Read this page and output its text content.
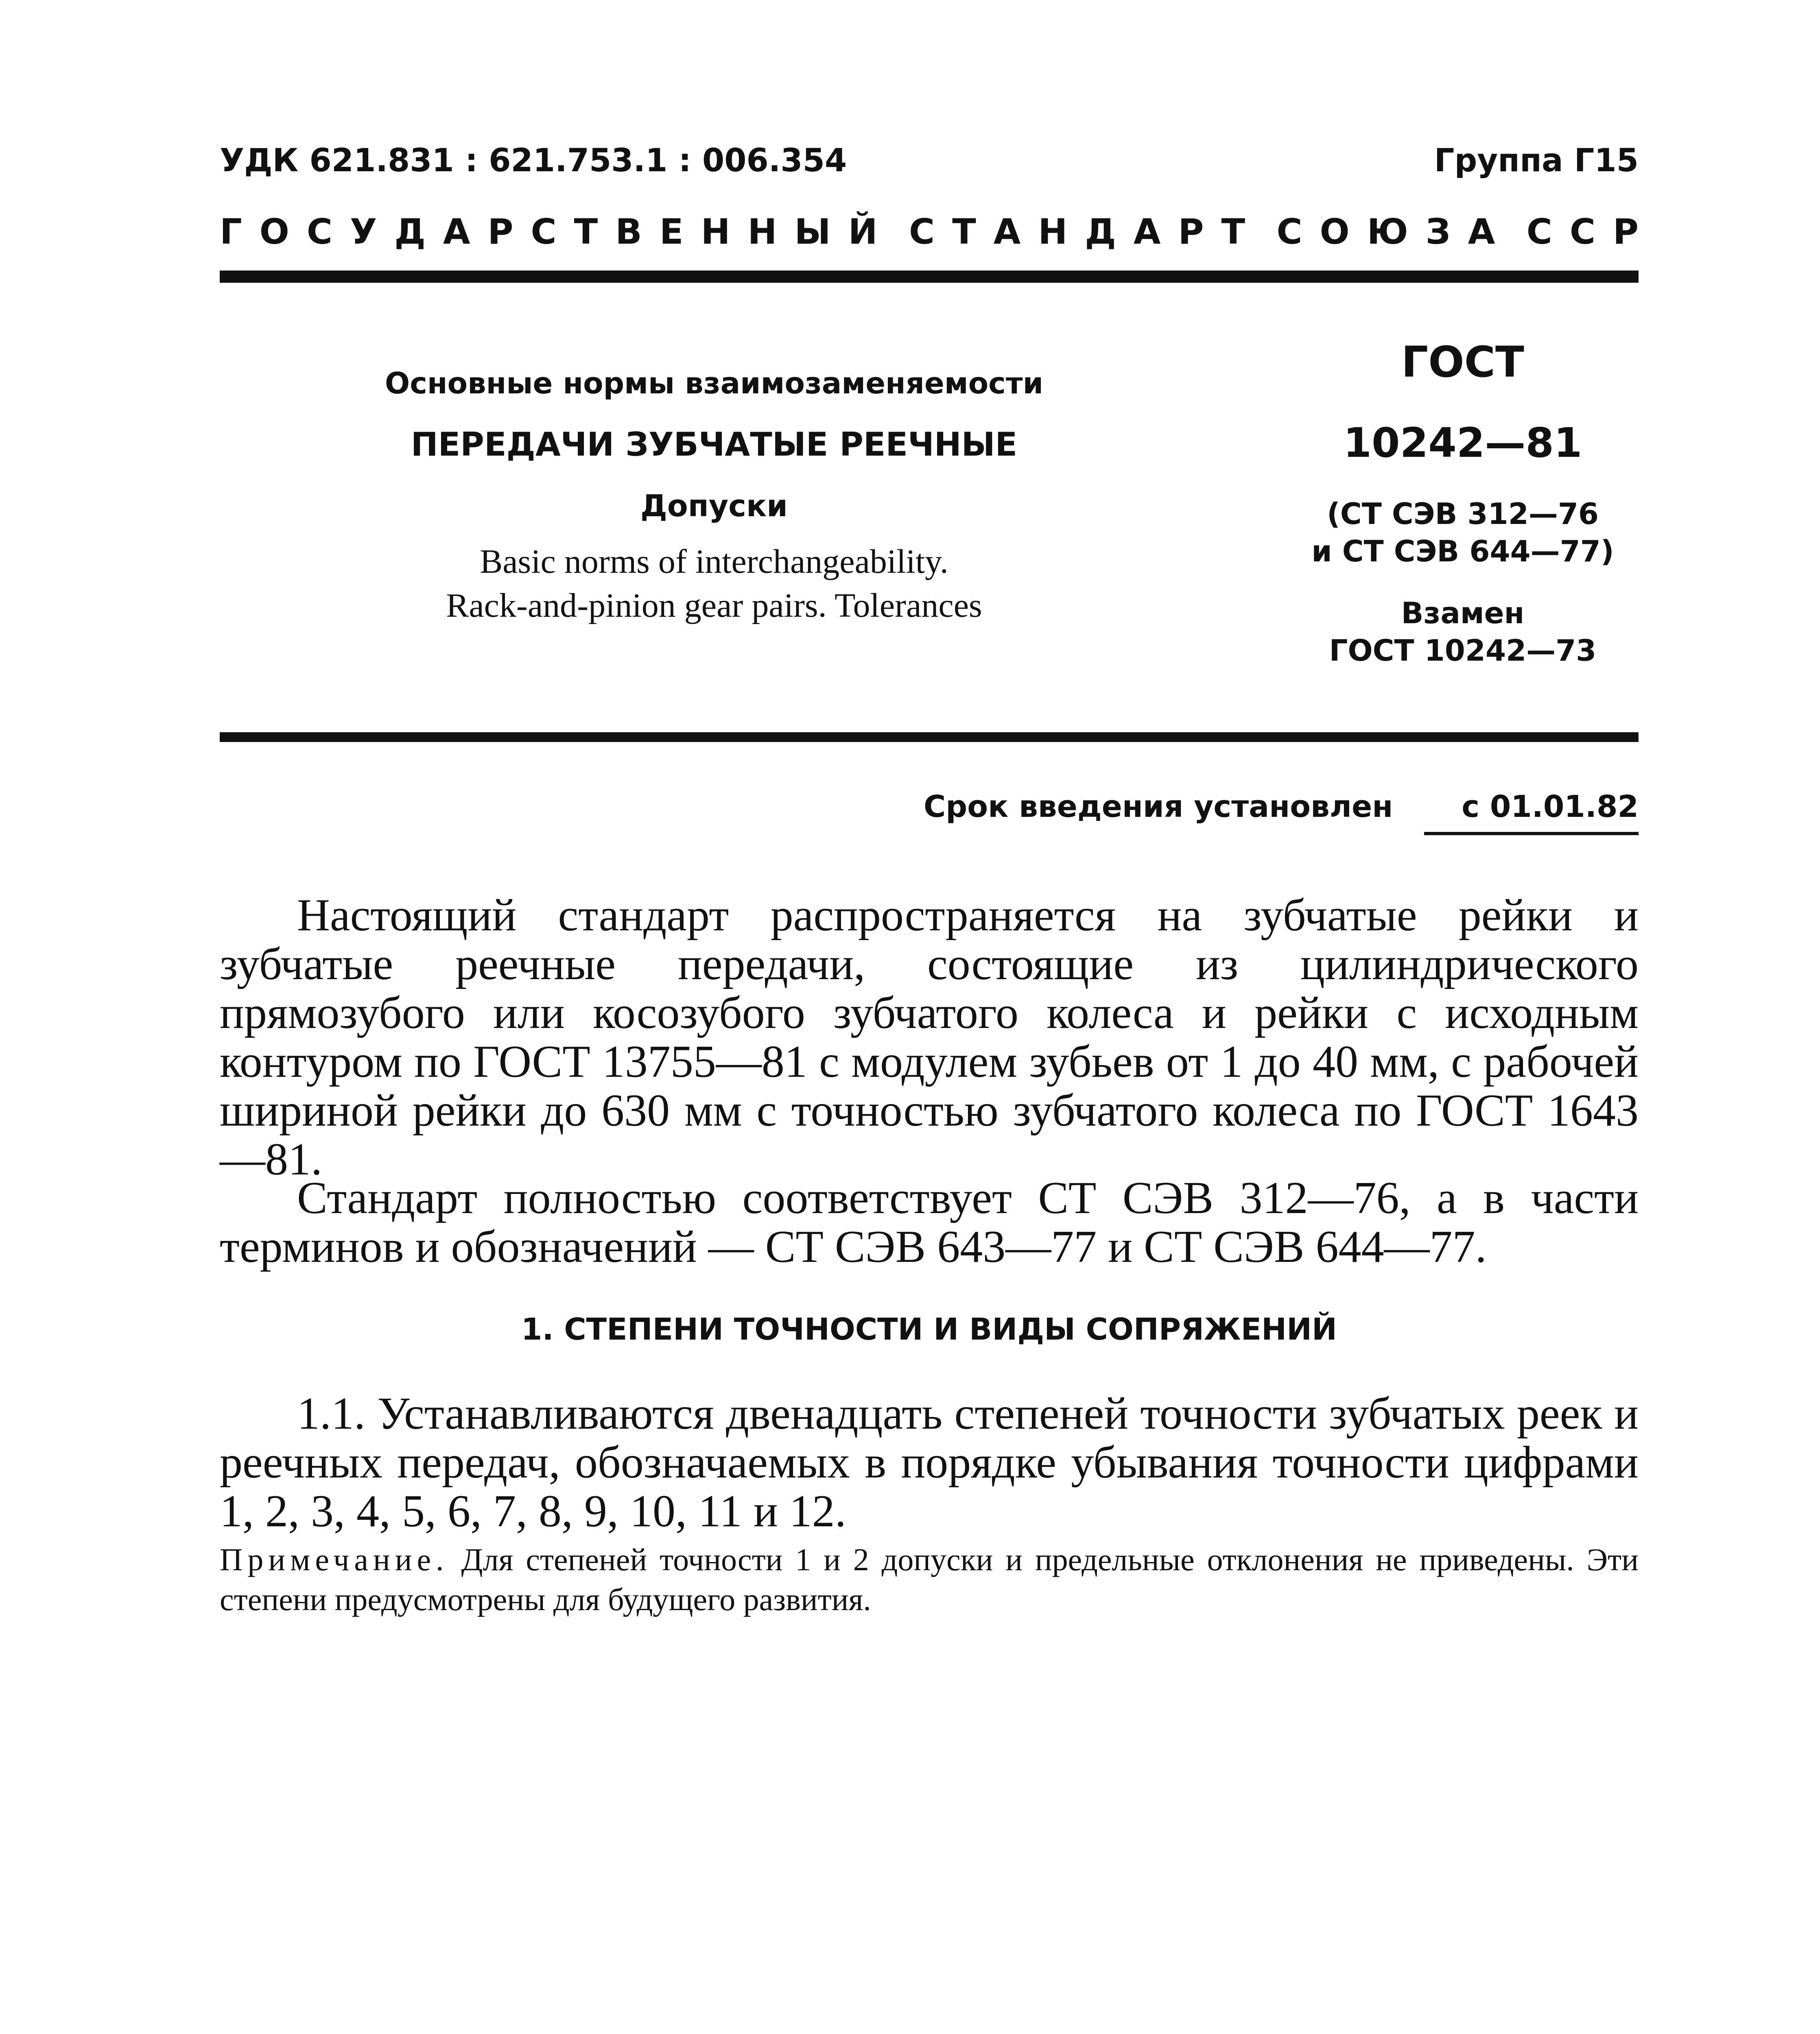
УДК 621.831 : 621.753.1 : 006.354	Группа Г15
Г О С У Д А Р С Т В Е Н Н Ы Й С Т А Н Д А Р Т С О Ю З А С С Р
Основные нормы взаимозаменяемости
ПЕРЕДАЧИ ЗУБЧАТЫЕ РЕЕЧНЫЕ
Допуски
Basic norms of interchangeability.
Rack-and-pinion gear pairs. Tolerances
ГОСТ
10242—81
(СТ СЭВ 312—76
и СТ СЭВ 644—77)
Взамен
ГОСТ 10242—73
Срок введения установлен	с 01.01.82

Настоящий стандарт распространяется на зубчатые рейки и зубчатые реечные передачи, состоящие из цилиндрического прямозубого или косозубого зубчатого колеса и рейки с исходным контуром по ГОСТ 13755—81 с модулем зубьев от 1 до 40 мм, с рабочей шириной рейки до 630 мм с точностью зубчатого колеса по ГОСТ 1643—81.

Стандарт полностью соответствует СТ СЭВ 312—76, а в части терминов и обозначений — СТ СЭВ 643—77 и СТ СЭВ 644—77.

1. СТЕПЕНИ ТОЧНОСТИ И ВИДЫ СОПРЯЖЕНИЙ

1.1. Устанавливаются двенадцать степеней точности зубчатых реек и реечных передач, обозначаемых в порядке убывания точности цифрами 1, 2, 3, 4, 5, 6, 7, 8, 9, 10, 11 и 12.

Примечание. Для степеней точности 1 и 2 допуски и предельные отклонения не приведены. Эти степени предусмотрены для будущего развития.
